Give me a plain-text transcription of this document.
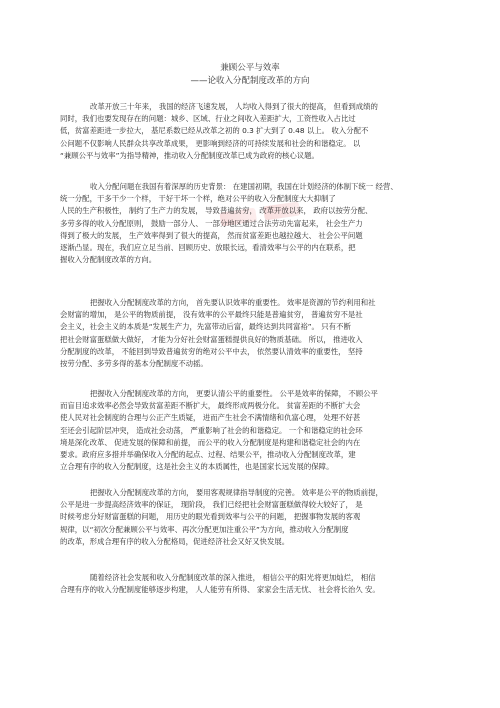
兼顾公平与效率
——论收入分配制度改革的方向
改革开放三十年来， 我国的经济飞速发展， 人均收入得到了很大的提高， 但看到成绩的
同时，我们也要发现存在的问题：城乡、区域、行业之间收入差距扩大，工资性收入占比过
低，贫富差距进一步拉大， 基尼系数已经从改革之初的 0.3 扩大到了 0.48 以上。 收入分配不
公问题不仅影响人民群众共享改革成果， 更影响到经济的可持续发展和社会的和谐稳定。 以
“兼顾公平与效率”为指导精神，推动收入分配制度改革已成为政府的核心议题。
收入分配问题在我国有着深厚的历史背景： 在建国初期，我国在计划经济的体制下统一 经营、
统一分配，干多干少一个样， 干好干坏一个样，绝对公平的收入分配制度大大抑制了
人民的生产积极性， 制约了生产力的发展， 导致普遍贫穷， 改革开放以来， 政府以按劳分配、
多劳多得的收入分配原则， 鼓励一部分人、 一部分地区通过合法劳动先富起来， 社会生产力
得到了极大的发展， 生产效率得到了很大的提高， 然而贫富差距也越拉越大、 社会公平问题
逐渐凸显。现在，我们应立足当前、回顾历史、放眼长远，看清效率与公平的内在联系，把
握收入分配制度改革的方向。
把握收入分配制度改革的方向， 首先要认识效率的重要性。 效率是资源的节约利用和社
会财富的增加， 是公平的物质前提， 没有效率的公平最终只能是普遍贫穷， 普遍贫穷不是社
会主义，社会主义的本质是“发展生产力，先富带动后富，最终达到共同富裕”。 只有不断
把社会财富蛋糕做大做好， 才能为分好社会财富蛋糕提供良好的物质基础。 所以， 推进收入
分配制度的改革， 不能回到导致普遍贫穷的绝对公平中去， 依然要认清效率的重要性， 坚持
按劳分配、多劳多得的基本分配制度不动摇。
把握收入分配制度改革的方向， 更要认清公平的重要性。 公平是效率的保障， 不顾公平
而盲目追求效率必然会导致贫富差距不断扩大， 最终形成两极分化。 贫富差距的不断扩大会
使人民对社会制度的合理与公正产生质疑， 进而产生社会不满情绪和仇富心理， 处理不好甚
至还会引起阶层冲突， 造成社会动荡， 严重影响了社会的和谐稳定。 一个和谐稳定的社会环
境是深化改革、 促进发展的保障和前提， 而公平的收入分配制度是构建和谐稳定社会的内在
要求。政府应多措并举确保收入分配的起点、过程、结果公平，推动收入分配制度改革，建
立合理有序的收入分配制度，这是社会主义的本质属性，也是国家长远发展的保障。
把握收入分配制度改革的方向， 要用客观规律指导制度的完善。 效率是公平的物质前提，
公平是进一步提高经济效率的保证， 现阶段， 我们已经把社会财富蛋糕做得较大较好了， 是
时候考虑分好财富蛋糕的问题， 用历史的眼光看到效率与公平的问题， 把握事物发展的客观
规律，以“初次分配兼顾公平与效率、再次分配更加注重公平”为方向，推动收入分配制度
的改革，形成合理有序的收入分配格局，促进经济社会又好又快发展。
随着经济社会发展和收入分配制度改革的深入推进， 相信公平的阳光将更加灿烂， 相信
合理有序的收入分配制度能够逐步构建， 人人能劳有所得、 家家会生活无忧、 社会将长治久 安。
